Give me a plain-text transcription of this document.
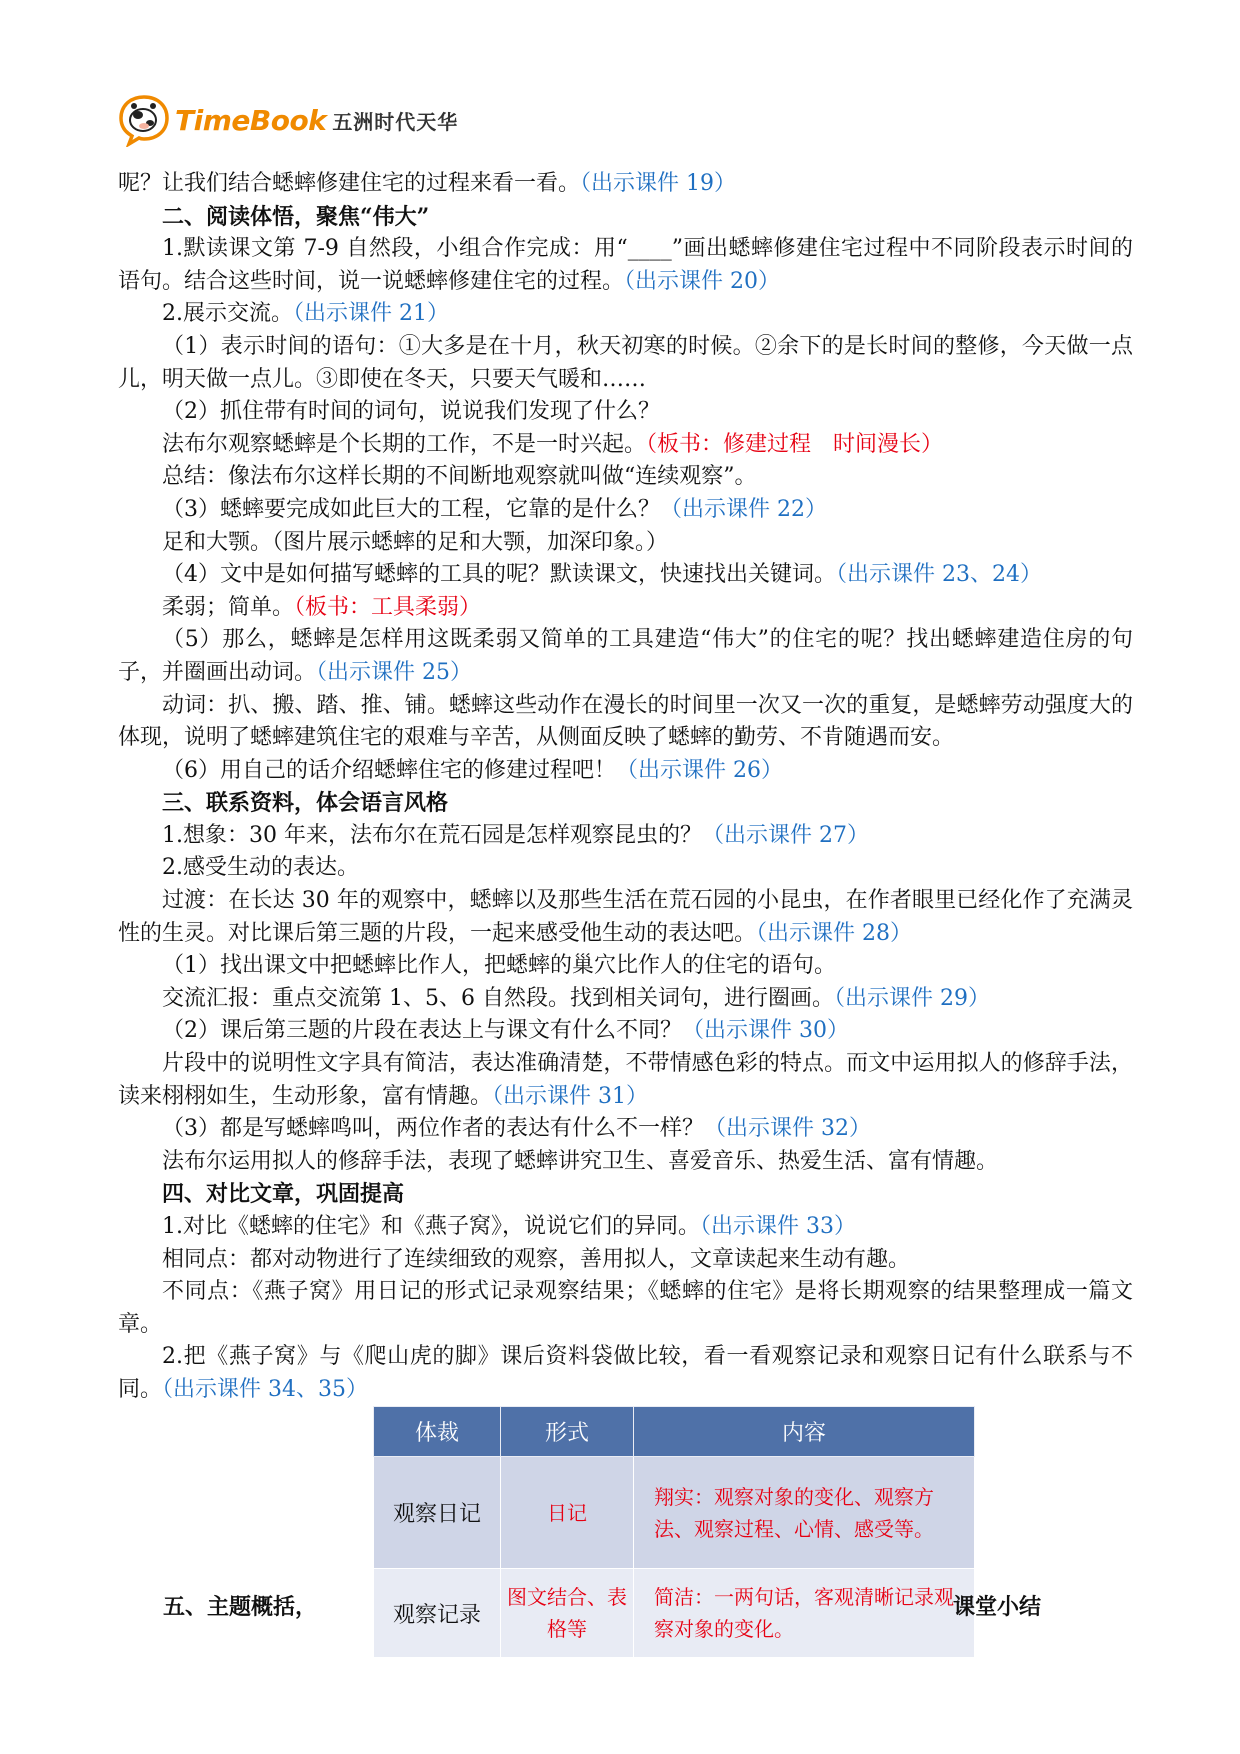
TimeBook 五洲时代天华

呢？让我们结合蟋蟀修建住宅的过程来看一看。（出示课件 19）

二、阅读体悟，聚焦“伟大”

1.默读课文第 7-9 自然段，小组合作完成：用“____”画出蟋蟀修建住宅过程中不同阶段表示时间的语句。结合这些时间，说一说蟋蟀修建住宅的过程。（出示课件 20）

2.展示交流。（出示课件 21）

（1）表示时间的语句：①大多是在十月，秋天初寒的时候。②余下的是长时间的整修，今天做一点儿，明天做一点儿。③即使在冬天，只要天气暖和……

（2）抓住带有时间的词句，说说我们发现了什么？

法布尔观察蟋蟀是个长期的工作，不是一时兴起。（板书：修建过程　时间漫长）

总结：像法布尔这样长期的不间断地观察就叫做“连续观察”。

（3）蟋蟀要完成如此巨大的工程，它靠的是什么？（出示课件 22）

足和大颚。（图片展示蟋蟀的足和大颚，加深印象。）

（4）文中是如何描写蟋蟀的工具的呢？默读课文，快速找出关键词。（出示课件 23、24）

柔弱；简单。（板书：工具柔弱）

（5）那么，蟋蟀是怎样用这既柔弱又简单的工具建造“伟大”的住宅的呢？找出蟋蟀建造住房的句子，并圈画出动词。（出示课件 25）

动词：扒、搬、踏、推、铺。蟋蟀这些动作在漫长的时间里一次又一次的重复，是蟋蟀劳动强度大的体现，说明了蟋蟀建筑住宅的艰难与辛苦，从侧面反映了蟋蟀的勤劳、不肯随遇而安。

（6）用自己的话介绍蟋蟀住宅的修建过程吧！（出示课件 26）

三、联系资料，体会语言风格

1.想象：30 年来，法布尔在荒石园是怎样观察昆虫的？（出示课件 27）

2.感受生动的表达。

过渡：在长达 30 年的观察中，蟋蟀以及那些生活在荒石园的小昆虫，在作者眼里已经化作了充满灵性的生灵。对比课后第三题的片段，一起来感受他生动的表达吧。（出示课件 28）

（1）找出课文中把蟋蟀比作人，把蟋蟀的巢穴比作人的住宅的语句。

交流汇报：重点交流第 1、5、6 自然段。找到相关词句，进行圈画。（出示课件 29）

（2）课后第三题的片段在表达上与课文有什么不同？（出示课件 30）

片段中的说明性文字具有简洁，表达准确清楚，不带情感色彩的特点。而文中运用拟人的修辞手法，读来栩栩如生，生动形象，富有情趣。（出示课件 31）

（3）都是写蟋蟀鸣叫，两位作者的表达有什么不一样？（出示课件 32）

法布尔运用拟人的修辞手法，表现了蟋蟀讲究卫生、喜爱音乐、热爱生活、富有情趣。

四、对比文章，巩固提高

1.对比《蟋蟀的住宅》和《燕子窝》，说说它们的异同。（出示课件 33）

相同点：都对动物进行了连续细致的观察，善用拟人，文章读起来生动有趣。

不同点：《燕子窝》用日记的形式记录观察结果；《蟋蟀的住宅》是将长期观察的结果整理成一篇文章。

2.把《燕子窝》与《爬山虎的脚》课后资料袋做比较，看一看观察记录和观察日记有什么联系与不同。（出示课件 34、35）

体裁	形式	内容
观察日记	日记	翔实：观察对象的变化、观察方法、观察过程、心情、感受等。
观察记录	图文结合、表格等	简洁：一两句话，客观清晰记录观察对象的变化。
五、主题概括，	课堂小结
